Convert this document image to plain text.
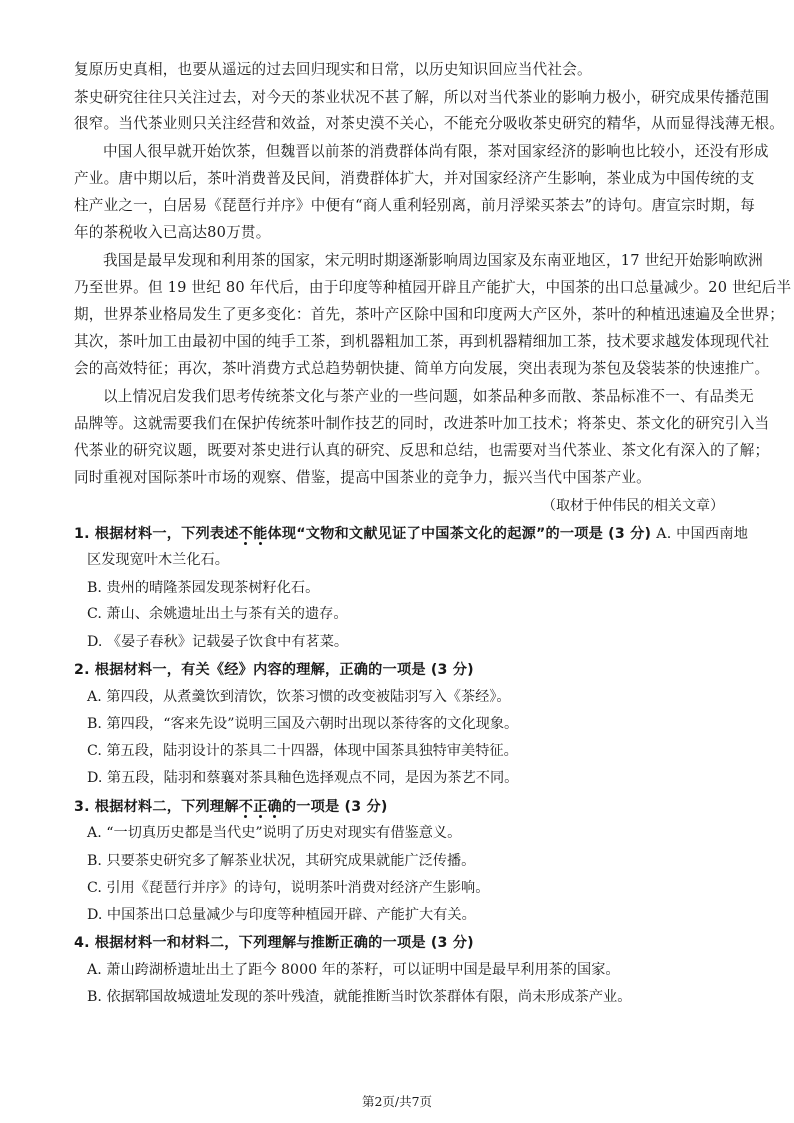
复原历史真相，也要从遥远的过去回归现实和日常，以历史知识回应当代社会。
茶史研究往往只关注过去，对今天的茶业状况不甚了解，所以对当代茶业的影响力极小，研究成果传播范围
很窄。当代茶业则只关注经营和效益，对茶史漠不关心，不能充分吸收茶史研究的精华，从而显得浅薄无根。
中国人很早就开始饮茶，但魏晋以前茶的消费群体尚有限，茶对国家经济的影响也比较小，还没有形成
产业。唐中期以后，茶叶消费普及民间，消费群体扩大，并对国家经济产生影响，茶业成为中国传统的支
柱产业之一，白居易《琵琶行并序》中便有“商人重利轻别离，前月浮梁买茶去”的诗句。唐宣宗时期，每
年的茶税收入已高达80万贯。
我国是最早发现和利用茶的国家，宋元明时期逐渐影响周边国家及东南亚地区，17 世纪开始影响欧洲
乃至世界。但 19 世纪 80 年代后，由于印度等种植园开辟且产能扩大，中国茶的出口总量减少。20 世纪后半
期，世界茶业格局发生了更多变化：首先，茶叶产区除中国和印度两大产区外，茶叶的种植迅速遍及全世界；
其次，茶叶加工由最初中国的纯手工茶，到机器粗加工茶，再到机器精细加工茶，技术要求越发体现现代社
会的高效特征；再次，茶叶消费方式总趋势朝快捷、简单方向发展，突出表现为茶包及袋装茶的快速推广。
以上情况启发我们思考传统茶文化与茶产业的一些问题，如茶品种多而散、茶品标准不一、有品类无
品牌等。这就需要我们在保护传统茶叶制作技艺的同时，改进茶叶加工技术；将茶史、茶文化的研究引入当
代茶业的研究议题，既要对茶史进行认真的研究、反思和总结，也需要对当代茶业、茶文化有深入的了解；
同时重视对国际茶叶市场的观察、借鉴，提高中国茶业的竞争力，振兴当代中国茶产业。
（取材于仲伟民的相关文章）
1. 根据材料一，下列表述不能体现“文物和文献见证了中国茶文化的起源”的一项是 (3 分) A. 中国西南地
区发现宽叶木兰化石。
B. 贵州的晴隆茶园发现茶树籽化石。
C. 萧山、余姚遗址出土与茶有关的遗存。
D. 《晏子春秋》记载晏子饮食中有茗菜。
2. 根据材料一，有关《经》内容的理解，正确的一项是 (3 分)
A. 第四段，从煮羹饮到清饮，饮茶习惯的改变被陆羽写入《茶经》。
B. 第四段，“客来先设”说明三国及六朝时出现以茶待客的文化现象。
C. 第五段，陆羽设计的茶具二十四器，体现中国茶具独特审美特征。
D. 第五段，陆羽和蔡襄对茶具釉色选择观点不同，是因为茶艺不同。
3. 根据材料二，下列理解不正确的一项是 (3 分)
A. “一切真历史都是当代史”说明了历史对现实有借鉴意义。
B. 只要茶史研究多了解茶业状况，其研究成果就能广泛传播。
C. 引用《琵琶行并序》的诗句，说明茶叶消费对经济产生影响。
D. 中国茶出口总量减少与印度等种植园开辟、产能扩大有关。
4. 根据材料一和材料二，下列理解与推断正确的一项是 (3 分)
A. 萧山跨湖桥遗址出土了距今 8000 年的茶籽，可以证明中国是最早利用茶的国家。
B. 依据郓国故城遗址发现的茶叶残渣，就能推断当时饮茶群体有限，尚未形成茶产业。
第2页/共7页
